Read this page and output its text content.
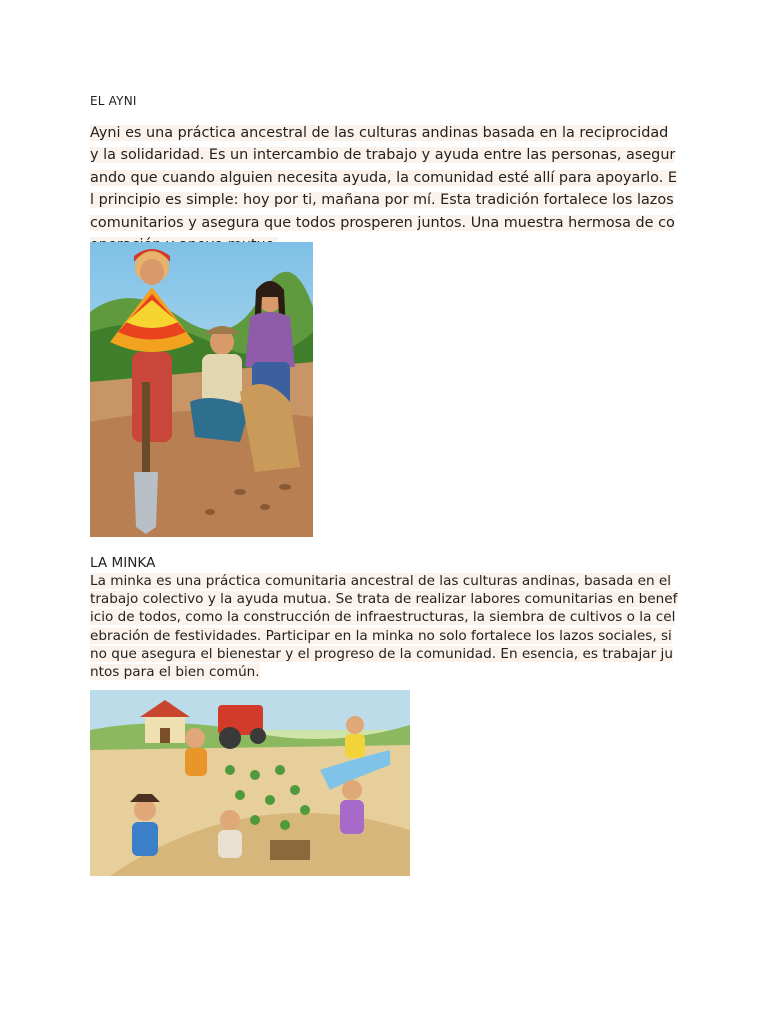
EL AYNI
Ayni es una práctica ancestral de las culturas andinas basada en la reciprocidad y la solidaridad. Es un intercambio de trabajo y ayuda entre las personas, asegurando que cuando alguien necesita ayuda, la comunidad esté allí para apoyarlo. El principio es simple: hoy por ti, mañana por mí. Esta tradición fortalece los lazos comunitarios y asegura que todos prosperen juntos. Una muestra hermosa de co
LA MINKA
La minka es una práctica comunitaria ancestral de las culturas andinas, basada en el trabajo colectivo y la ayuda mutua. Se trata de realizar labores comunitarias en beneficio de todos, como la construcción de infraestructuras, la siembra de cultivos o la celebración de festividades. Participar en la minka no solo fortalece los lazos sociales, sino que asegura el bienestar y el progreso de la comunidad. En esencia, es trabajar juntos para el bien común.
